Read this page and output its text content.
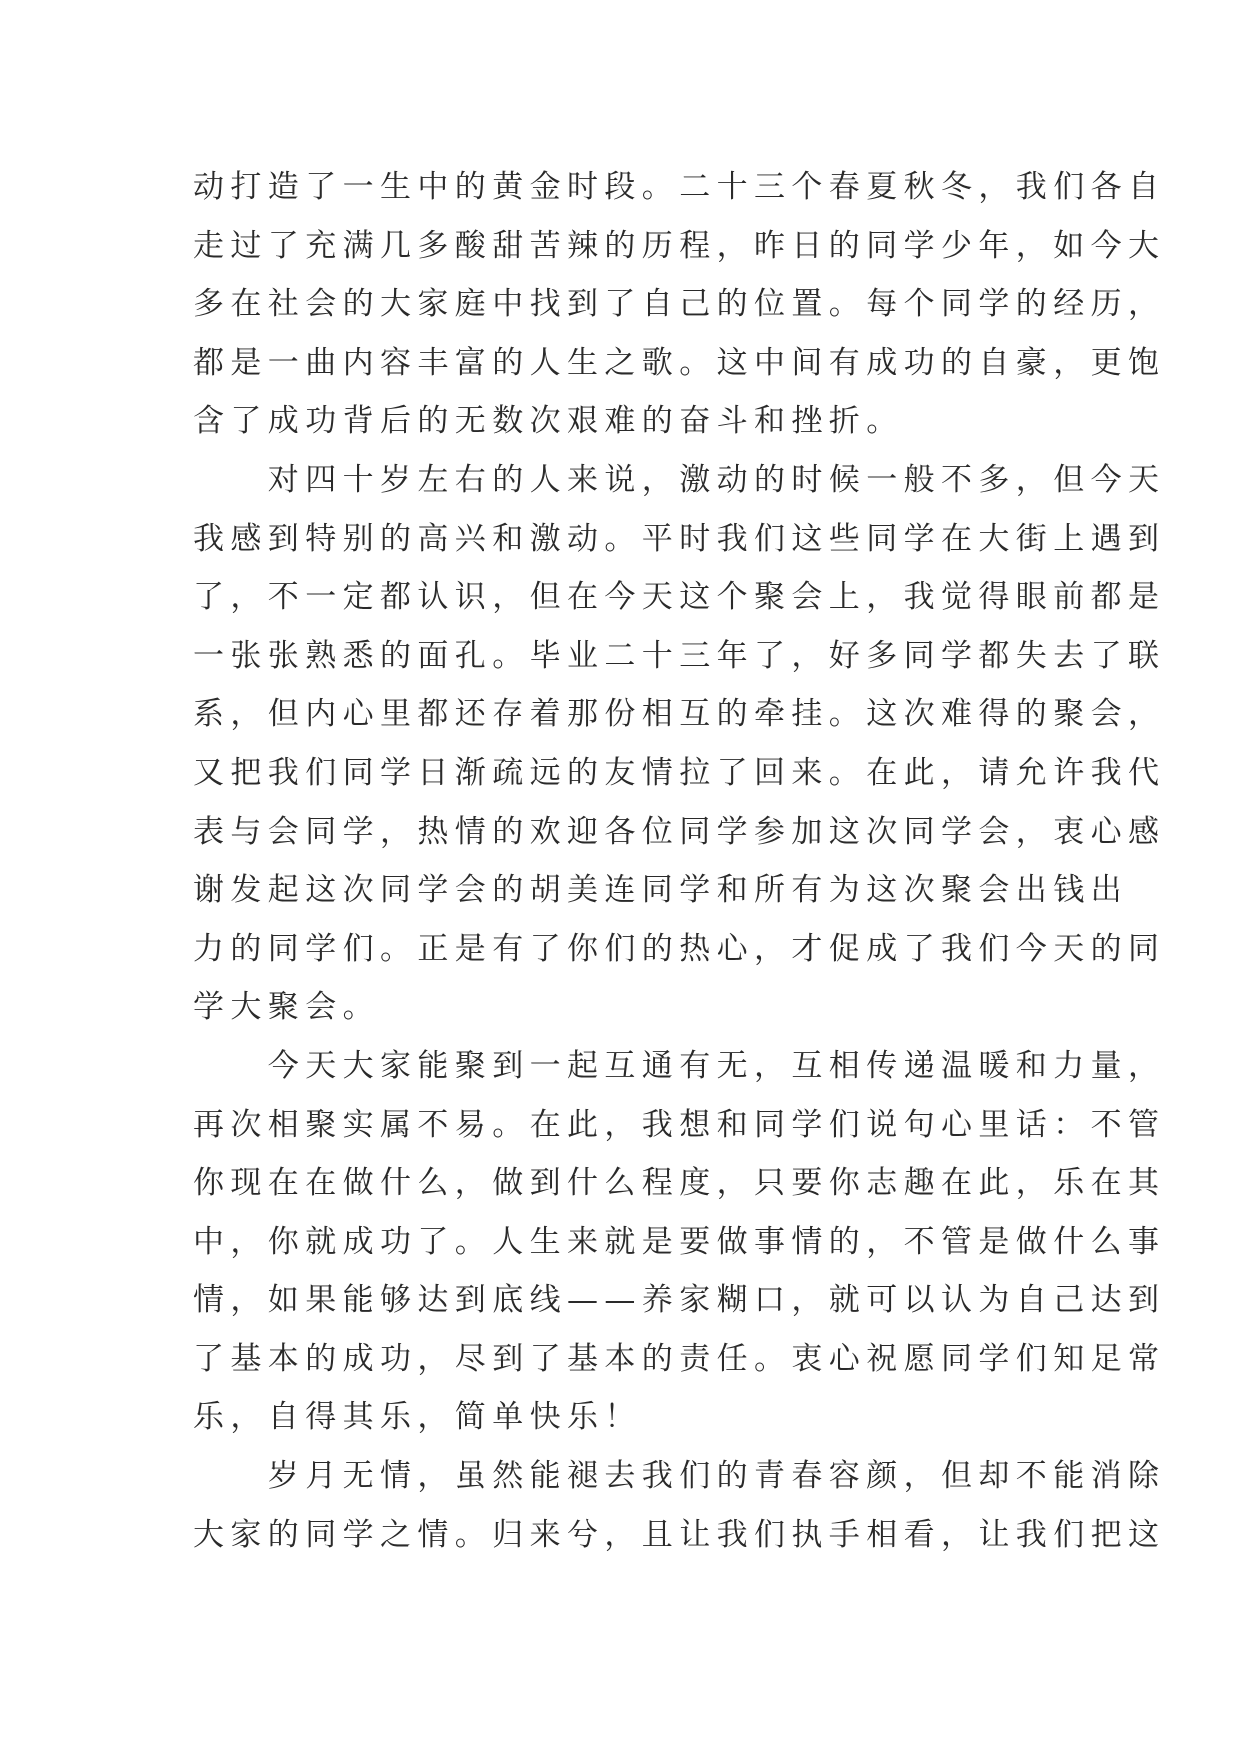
动打造了一生中的黄金时段。二十三个春夏秋冬，我们各自
走过了充满几多酸甜苦辣的历程，昨日的同学少年，如今大
多在社会的大家庭中找到了自己的位置。每个同学的经历，
都是一曲内容丰富的人生之歌。这中间有成功的自豪，更饱
含了成功背后的无数次艰难的奋斗和挫折。
　　对四十岁左右的人来说，激动的时候一般不多，但今天
我感到特别的高兴和激动。平时我们这些同学在大街上遇到
了，不一定都认识，但在今天这个聚会上，我觉得眼前都是
一张张熟悉的面孔。毕业二十三年了，好多同学都失去了联
系，但内心里都还存着那份相互的牵挂。这次难得的聚会，
又把我们同学日渐疏远的友情拉了回来。在此，请允许我代
表与会同学，热情的欢迎各位同学参加这次同学会，衷心感
谢发起这次同学会的胡美连同学和所有为这次聚会出钱出
力的同学们。正是有了你们的热心，才促成了我们今天的同
学大聚会。
　　今天大家能聚到一起互通有无，互相传递温暖和力量，
再次相聚实属不易。在此，我想和同学们说句心里话：不管
你现在在做什么，做到什么程度，只要你志趣在此，乐在其
中，你就成功了。人生来就是要做事情的，不管是做什么事
情，如果能够达到底线——养家糊口，就可以认为自己达到
了基本的成功，尽到了基本的责任。衷心祝愿同学们知足常
乐，自得其乐，简单快乐！
　　岁月无情，虽然能褪去我们的青春容颜，但却不能消除
大家的同学之情。归来兮，且让我们执手相看，让我们把这
